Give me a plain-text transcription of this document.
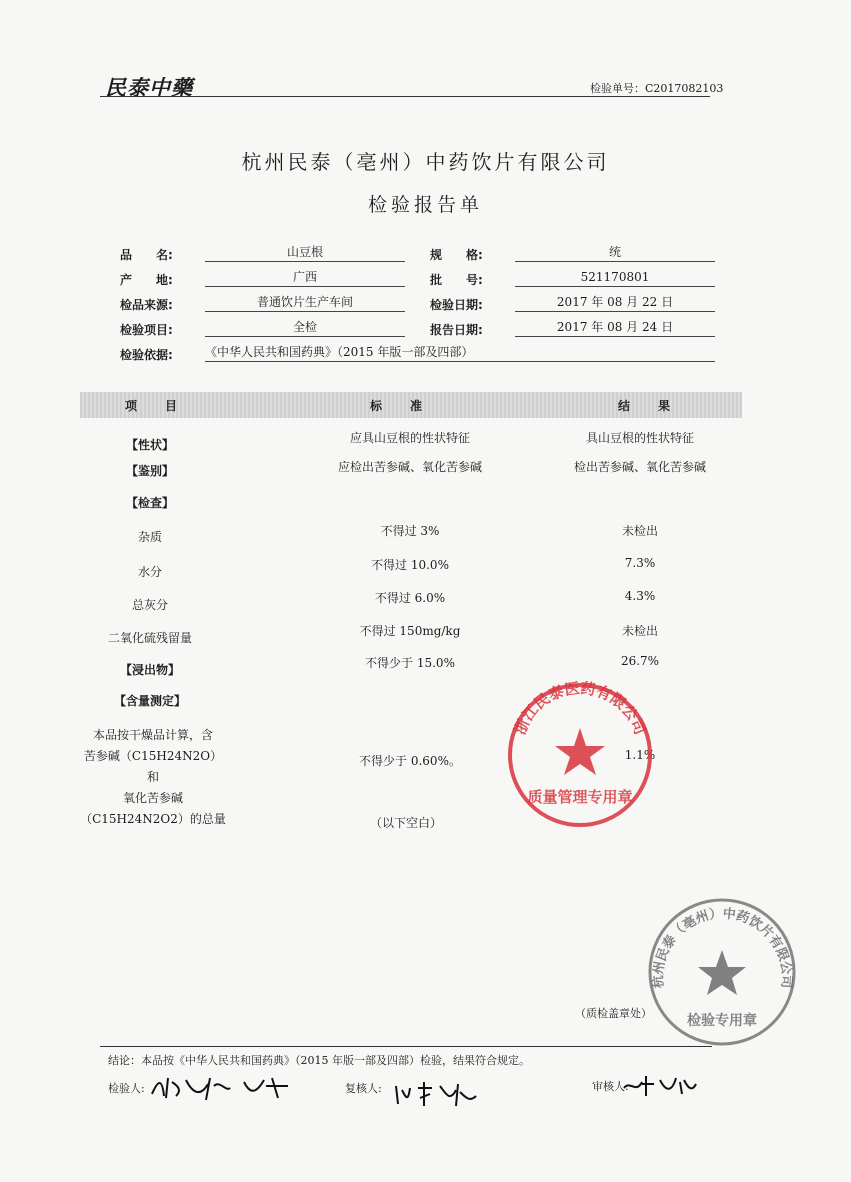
民泰中藥	检验单号：C2017082103
杭州民泰（亳州）中药饮片有限公司
检验报告单
品　　名:	山豆根	规　　格:	统
产　　地:	广西	批　　号:	521170801
检品来源:	普通饮片生产车间	检验日期:	2017 年 08 月 22 日
检验项目:	全检	报告日期:	2017 年 08 月 24 日
检验依据:	《中华人民共和国药典》（2015 年版一部及四部）
项　目	标　准	结　果
【性状】	应具山豆根的性状特征	具山豆根的性状特征
【鉴别】	应检出苦参碱、氧化苦参碱	检出苦参碱、氧化苦参碱
【检查】
杂质	不得过 3%	未检出
水分	不得过 10.0%	7.3%
总灰分	不得过 6.0%	4.3%
二氧化硫残留量	不得过 150mg/kg	未检出
【浸出物】	不得少于 15.0%	26.7%
【含量测定】
本品按干燥品计算，含
苦参碱（C15H24N2O）和
氧化苦参碱
（C15H24N2O2）的总量
不得少于 0.60%。	1.1%
（以下空白）
浙江民泰医药有限公司
质量管理专用章
杭州民泰（亳州）中药饮片有限公司
检验专用章
（质检盖章处）
结论：本品按《中华人民共和国药典》（2015 年版一部及四部）检验，结果符合规定。
检验人:	复核人:	审核人:
